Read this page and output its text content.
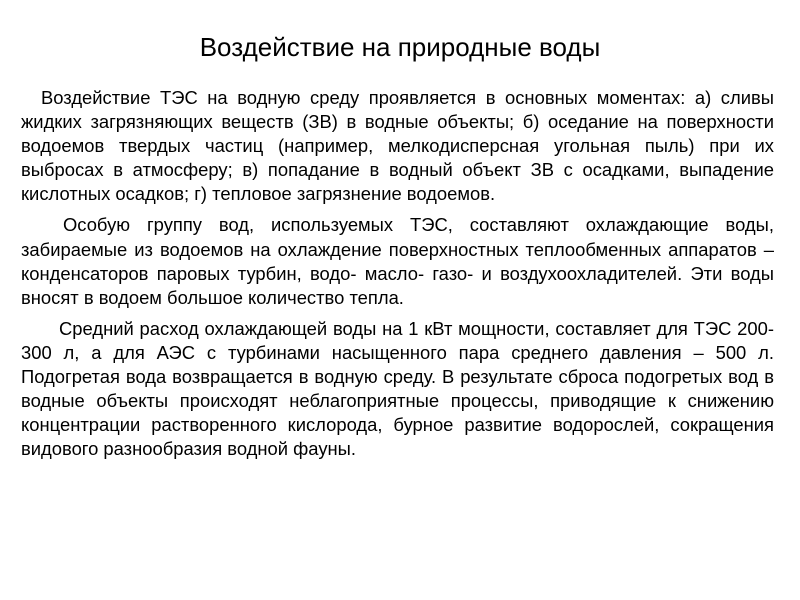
Воздействие на природные воды

Воздействие ТЭС на водную среду проявляется в основных моментах: а) сливы жидких загрязняющих веществ (ЗВ) в водные объекты; б) оседание на поверхности водоемов твердых частиц (например, мелкодисперсная угольная пыль) при их выбросах в атмосферу; в) попадание в водный объект ЗВ с осадками, выпадение кислотных осадков; г) тепловое загрязнение водоемов.

Особую группу вод, используемых ТЭС, составляют охлаждающие воды, забираемые из водоемов на охлаждение поверхностных теплообменных аппаратов – конденсаторов паровых турбин, водо- масло- газо- и воздухоохладителей. Эти воды вносят в водоем большое количество тепла.

Средний расход охлаждающей воды на 1 кВт мощности, составляет для ТЭС 200-300 л, а для АЭС с турбинами насыщенного пара среднего давления – 500 л. Подогретая вода возвращается в водную среду. В результате сброса подогретых вод в водные объекты происходят неблагоприятные процессы, приводящие к снижению концентрации растворенного кислорода, бурное развитие водорослей, сокращения видового разнообразия водной фауны.
